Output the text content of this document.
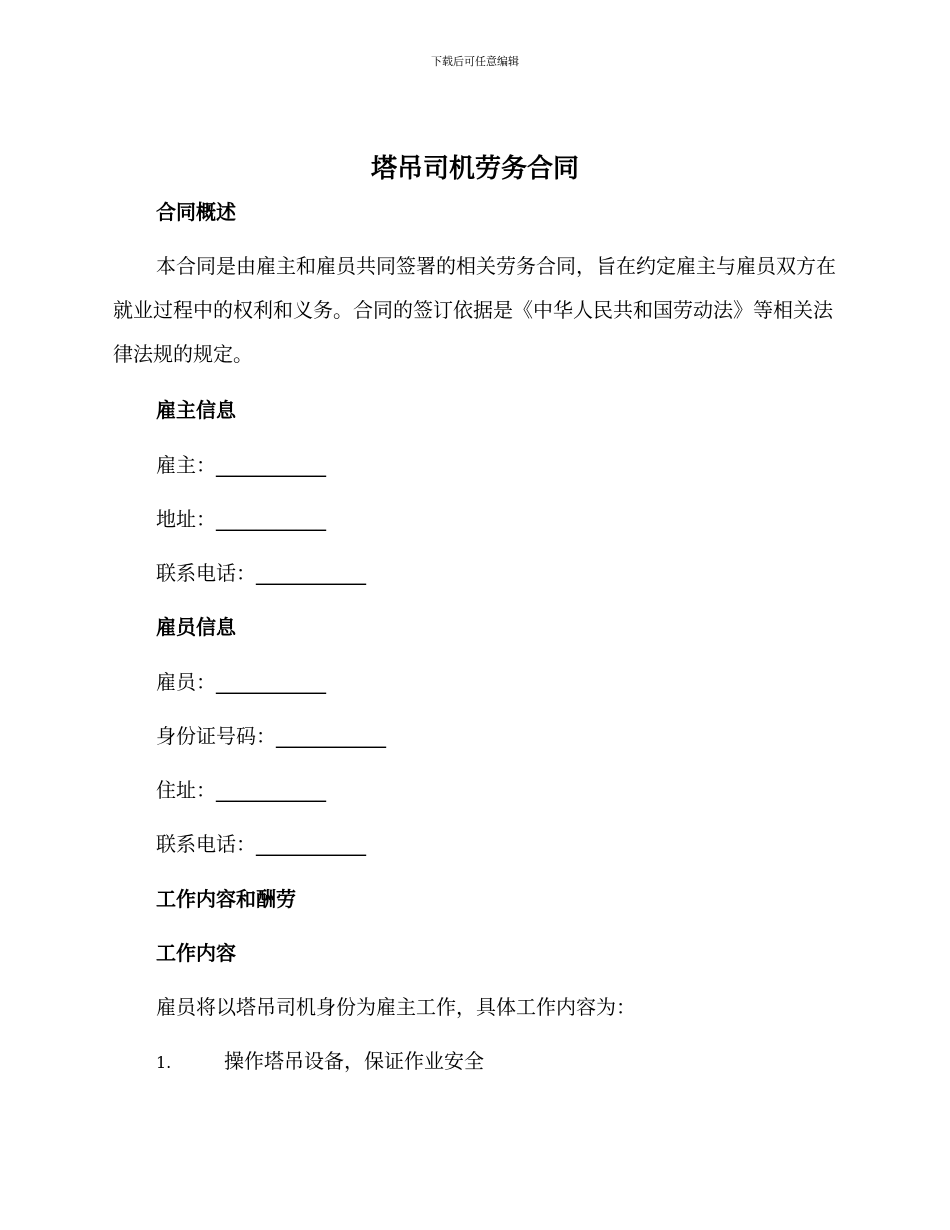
下载后可任意编辑
塔吊司机劳务合同

合同概述

本合同是由雇主和雇员共同签署的相关劳务合同，旨在约定雇主与雇员双方在就业过程中的权利和义务。合同的签订依据是《中华人民共和国劳动法》等相关法律法规的规定。

雇主信息

雇主：___________

地址：___________

联系电话：___________

雇员信息

雇员：___________

身份证号码：___________

住址：___________

联系电话：___________

工作内容和酬劳

工作内容

雇员将以塔吊司机身份为雇主工作，具体工作内容为：

1.	操作塔吊设备，保证作业安全
